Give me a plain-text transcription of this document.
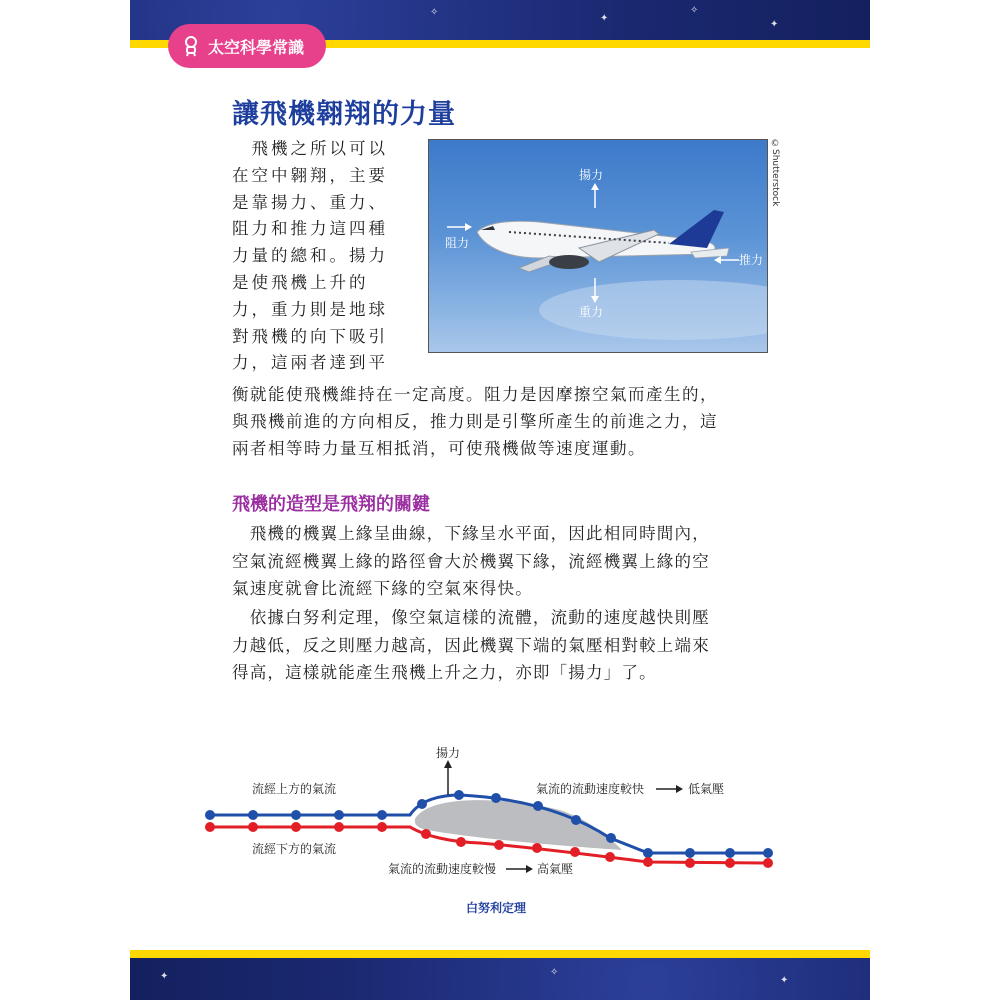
✦
✧
✦
✧
✦	✧
✦
太空科學常識
讓飛機翱翔的力量
　飛機之所以可以
在空中翱翔，主要
是靠揚力、重力、
阻力和推力這四種
力量的總和。揚力
是使飛機上升的
力，重力則是地球
對飛機的向下吸引
力，這兩者達到平
揚力
阻力
推力
重力
©Shutterstock
衡就能使飛機維持在一定高度。阻力是因摩擦空氣而產生的，
與飛機前進的方向相反，推力則是引擎所產生的前進之力，這
兩者相等時力量互相抵消，可使飛機做等速度運動。
飛機的造型是飛翔的關鍵
　飛機的機翼上緣呈曲線，下緣呈水平面，因此相同時間內，
空氣流經機翼上緣的路徑會大於機翼下緣，流經機翼上緣的空
氣速度就會比流經下緣的空氣來得快。
　依據白努利定理，像空氣這樣的流體，流動的速度越快則壓
力越低，反之則壓力越高，因此機翼下端的氣壓相對較上端來
得高，這樣就能產生飛機上升之力，亦即「揚力」了。
揚力
流經上方的氣流
流經下方的氣流
氣流的流動速度較快	低氣壓
氣流的流動速度較慢	高氣壓
白努利定理
